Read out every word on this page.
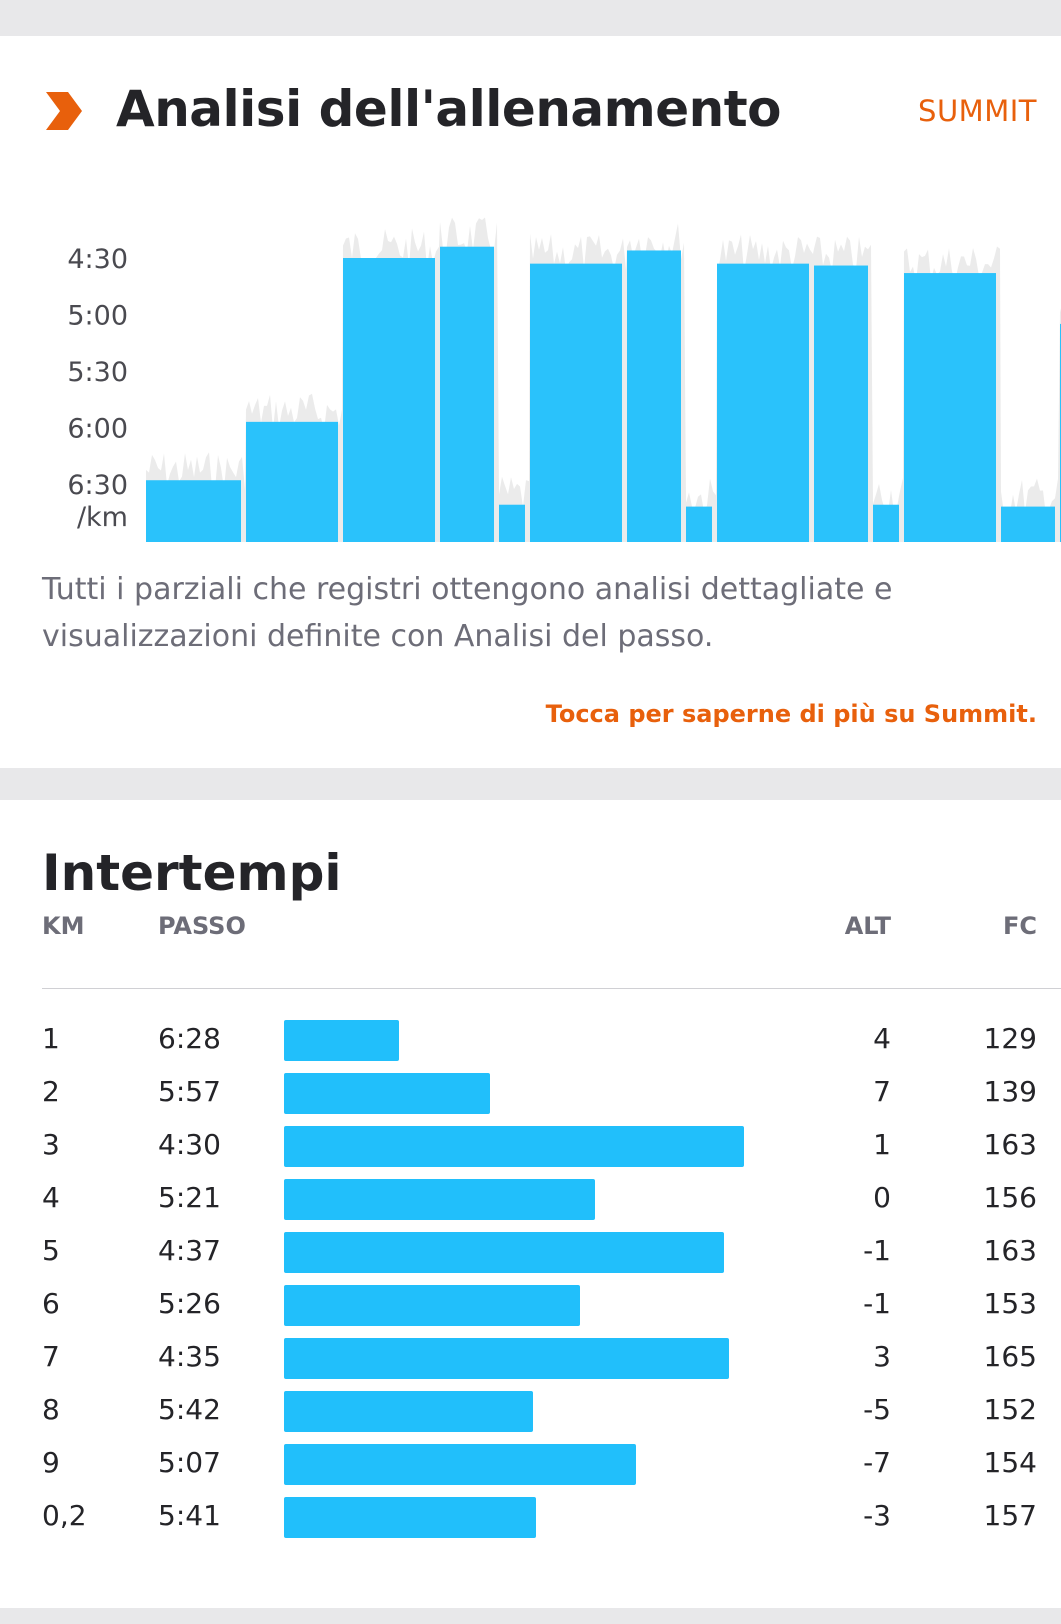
Analisi dell'allenamento	SUMMIT
4:30
5:00
5:30
6:00
6:30
/km
Tutti i parziali che registri ottengono analisi dettagliate e visualizzazioni definite con Analisi del passo.
Tocca per saperne di più su Summit.
Intertempi
KM	PASSO	ALT	FC
1	6:28	4	129
2	5:57	7	139
3	4:30	1	163
4	5:21	0	156
5	4:37	-1	163
6	5:26	-1	153
7	4:35	3	165
8	5:42	-5	152
9	5:07	-7	154
0,2	5:41	-3	157
